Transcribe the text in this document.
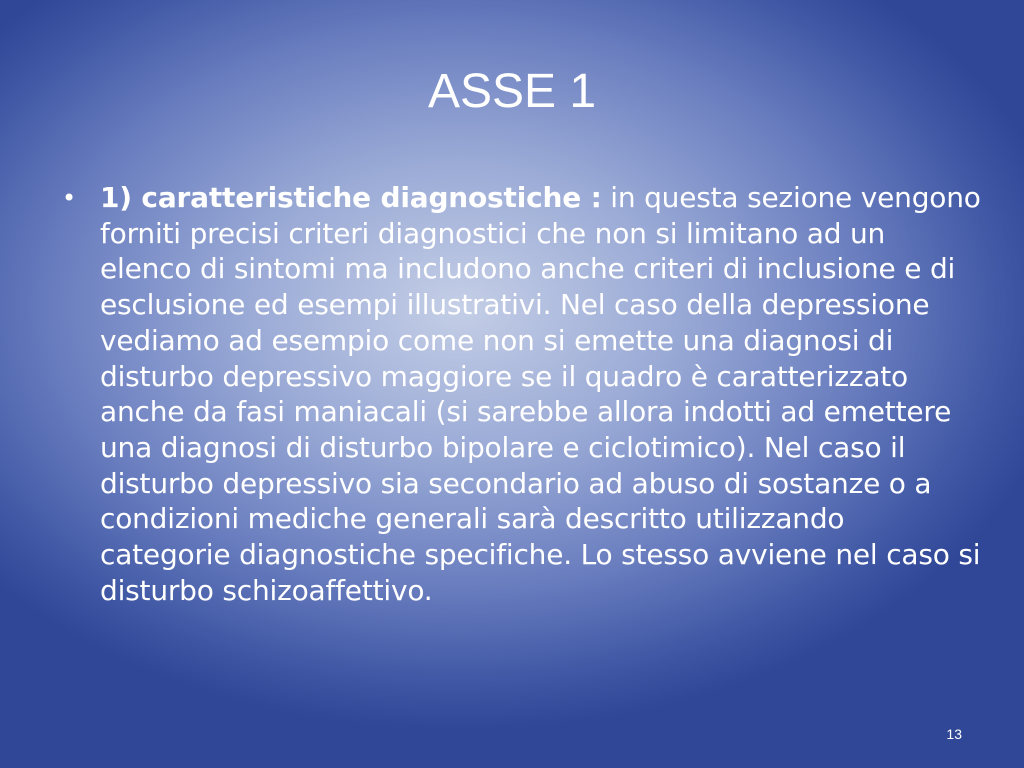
ASSE 1
• 1) caratteristiche diagnostiche : in questa sezione vengono forniti precisi criteri diagnostici che non si limitano ad un elenco di sintomi ma includono anche criteri di inclusione e di esclusione ed esempi illustrativi. Nel caso della depressione vediamo ad esempio come non si emette una diagnosi di disturbo depressivo maggiore se il quadro è caratterizzato anche da fasi maniacali (si sarebbe allora indotti ad emettere una diagnosi di disturbo bipolare e ciclotimico). Nel caso il disturbo depressivo sia secondario ad abuso di sostanze o a condizioni mediche generali sarà descritto utilizzando categorie diagnostiche specifiche. Lo stesso avviene nel caso si disturbo schizoaffettivo.
13
